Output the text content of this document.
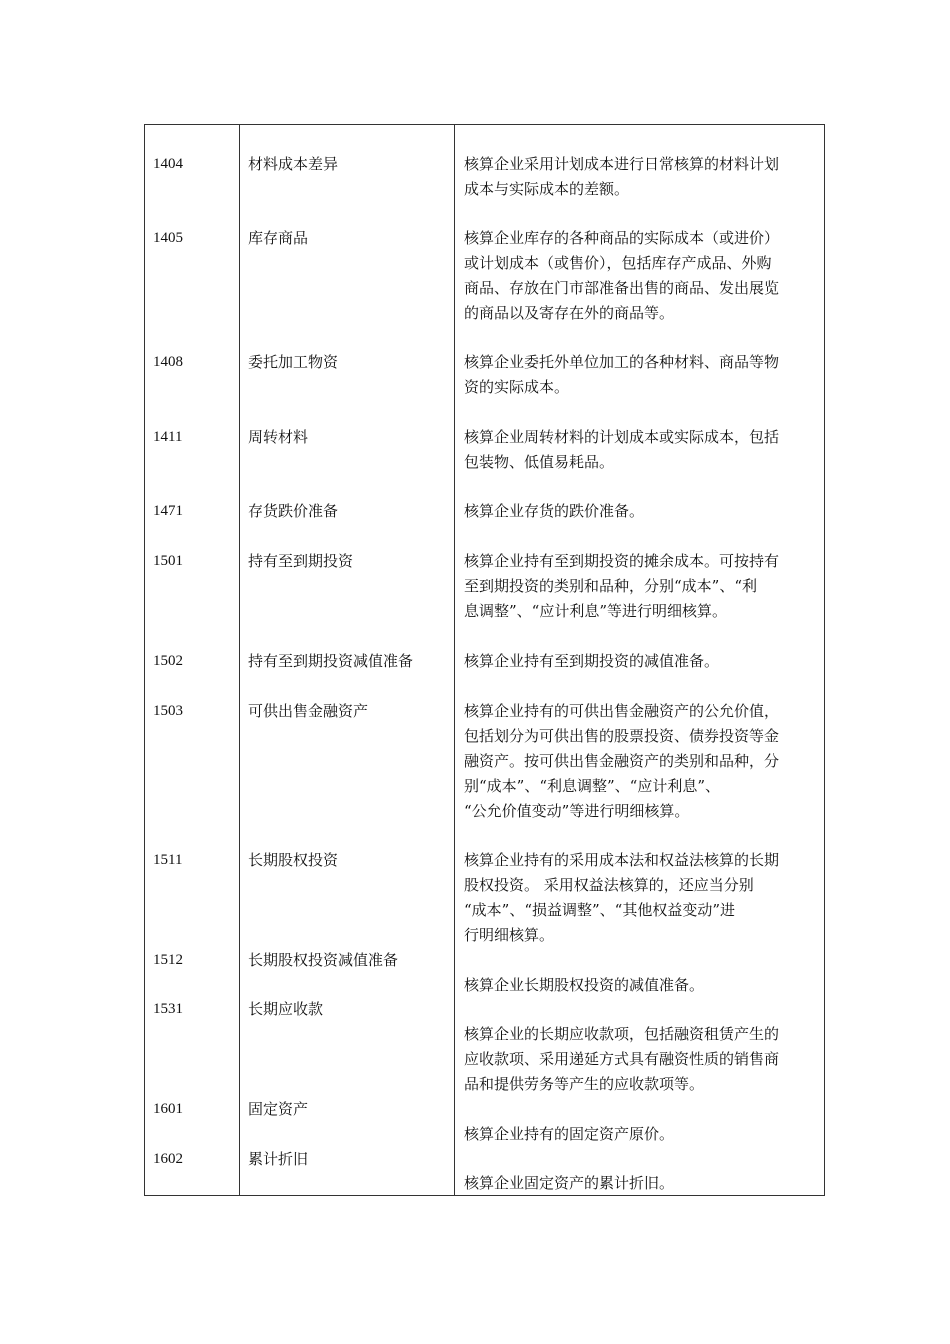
1404	材料成本差异	核算企业采用计划成本进行日常核算的材料计划
成本与实际成本的差额。
1405	库存商品	核算企业库存的各种商品的实际成本（或进价）
或计划成本（或售价），包括库存产成品、外购
商品、存放在门市部准备出售的商品、发出展览
的商品以及寄存在外的商品等。
1408	委托加工物资	核算企业委托外单位加工的各种材料、商品等物
资的实际成本。
1411	周转材料	核算企业周转材料的计划成本或实际成本，包括
包装物、低值易耗品。
1471	存货跌价准备	核算企业存货的跌价准备。
1501	持有至到期投资	核算企业持有至到期投资的摊余成本。可按持有
至到期投资的类别和品种，分别“成本”、“利
息调整”、“应计利息”等进行明细核算。
1502	持有至到期投资减值准备	核算企业持有至到期投资的减值准备。
1503	可供出售金融资产	核算企业持有的可供出售金融资产的公允价值，
包括划分为可供出售的股票投资、债券投资等金
融资产。按可供出售金融资产的类别和品种，分
别“成本”、“利息调整”、“应计利息”、
“公允价值变动”等进行明细核算。
1511	长期股权投资	核算企业持有的采用成本法和权益法核算的长期
股权投资。 采用权益法核算的，还应当分别
“成本”、“损益调整”、“其他权益变动”进
行明细核算。
1512	长期股权投资减值准备
核算企业长期股权投资的减值准备。
1531	长期应收款
核算企业的长期应收款项，包括融资租赁产生的
应收款项、采用递延方式具有融资性质的销售商
品和提供劳务等产生的应收款项等。
1601	固定资产
核算企业持有的固定资产原价。
1602	累计折旧
核算企业固定资产的累计折旧。
